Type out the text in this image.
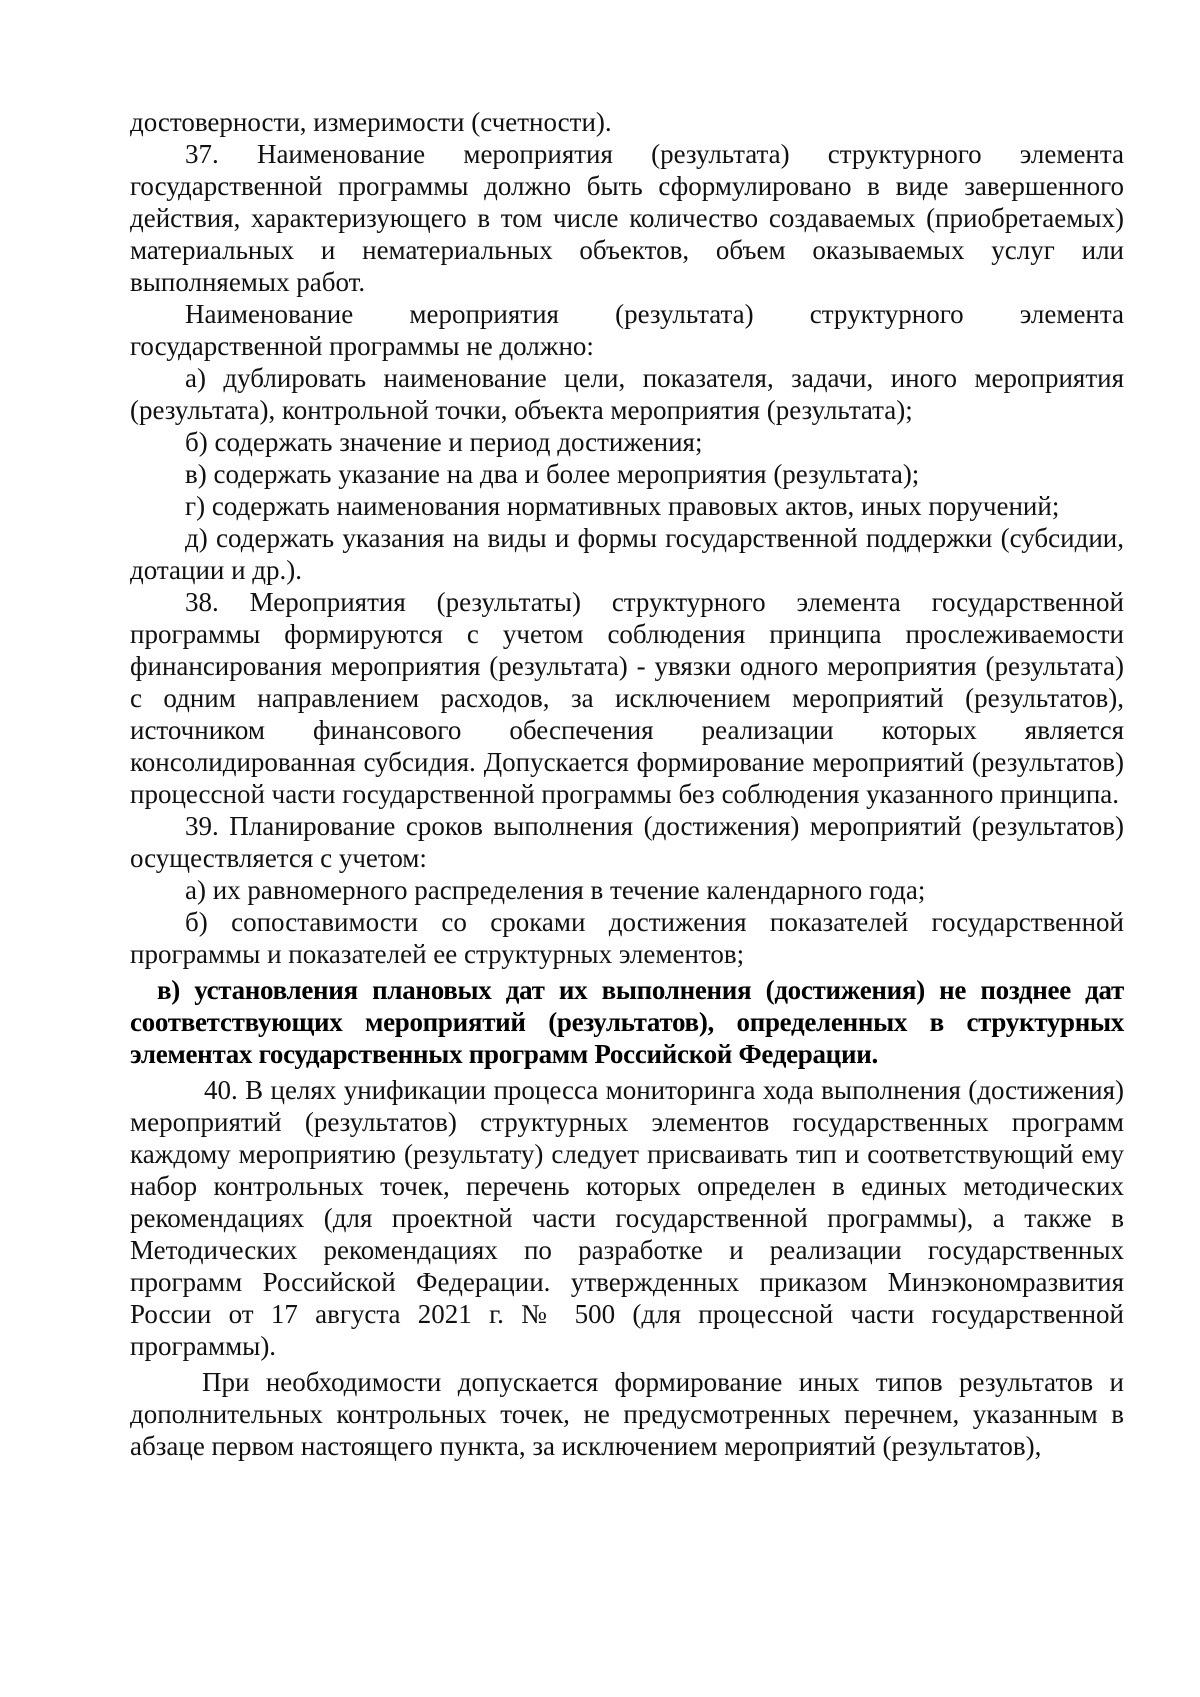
достоверности, измеримости (счетности).

37. Наименование мероприятия (результата) структурного элемента государственной программы должно быть сформулировано в виде завершенного действия, характеризующего в том числе количество создаваемых (приобретаемых) материальных и нематериальных объектов, объем оказываемых услуг или выполняемых работ.

Наименование мероприятия (результата) структурного элемента государственной программы не должно:

а) дублировать наименование цели, показателя, задачи, иного мероприятия (результата), контрольной точки, объекта мероприятия (результата);

б) содержать значение и период достижения;

в) содержать указание на два и более мероприятия (результата);

г) содержать наименования нормативных правовых актов, иных поручений;

д) содержать указания на виды и формы государственной поддержки (субсидии, дотации и др.).

38. Мероприятия (результаты) структурного элемента государственной программы формируются с учетом соблюдения принципа прослеживаемости финансирования мероприятия (результата) - увязки одного мероприятия (результата) с одним направлением расходов, за исключением мероприятий (результатов), источником финансового обеспечения реализации которых является консолидированная субсидия. Допускается формирование мероприятий (результатов) процессной части государственной программы без соблюдения указанного принципа.

39. Планирование сроков выполнения (достижения) мероприятий (результатов) осуществляется с учетом:

а) их равномерного распределения в течение календарного года;

б) сопоставимости со сроками достижения показателей государственной программы и показателей ее структурных элементов;

в) установления плановых дат их выполнения (достижения) не позднее дат соответствующих мероприятий (результатов), определенных в структурных элементах государственных программ Российской Федерации.

40. В целях унификации процесса мониторинга хода выполнения (достижения) мероприятий (результатов) структурных элементов государственных программ каждому мероприятию (результату) следует присваивать тип и соответствующий ему набор контрольных точек, перечень которых определен в единых методических рекомендациях (для проектной части государственной программы), а также в Методических рекомендациях по разработке и реализации государственных программ Российской Федерации. утвержденных приказом Минэкономразвития России от 17 августа 2021 г. № 500 (для процессной части государственной программы).

При необходимости допускается формирование иных типов результатов и дополнительных контрольных точек, не предусмотренных перечнем, указанным в абзаце первом настоящего пункта, за исключением мероприятий (результатов),
